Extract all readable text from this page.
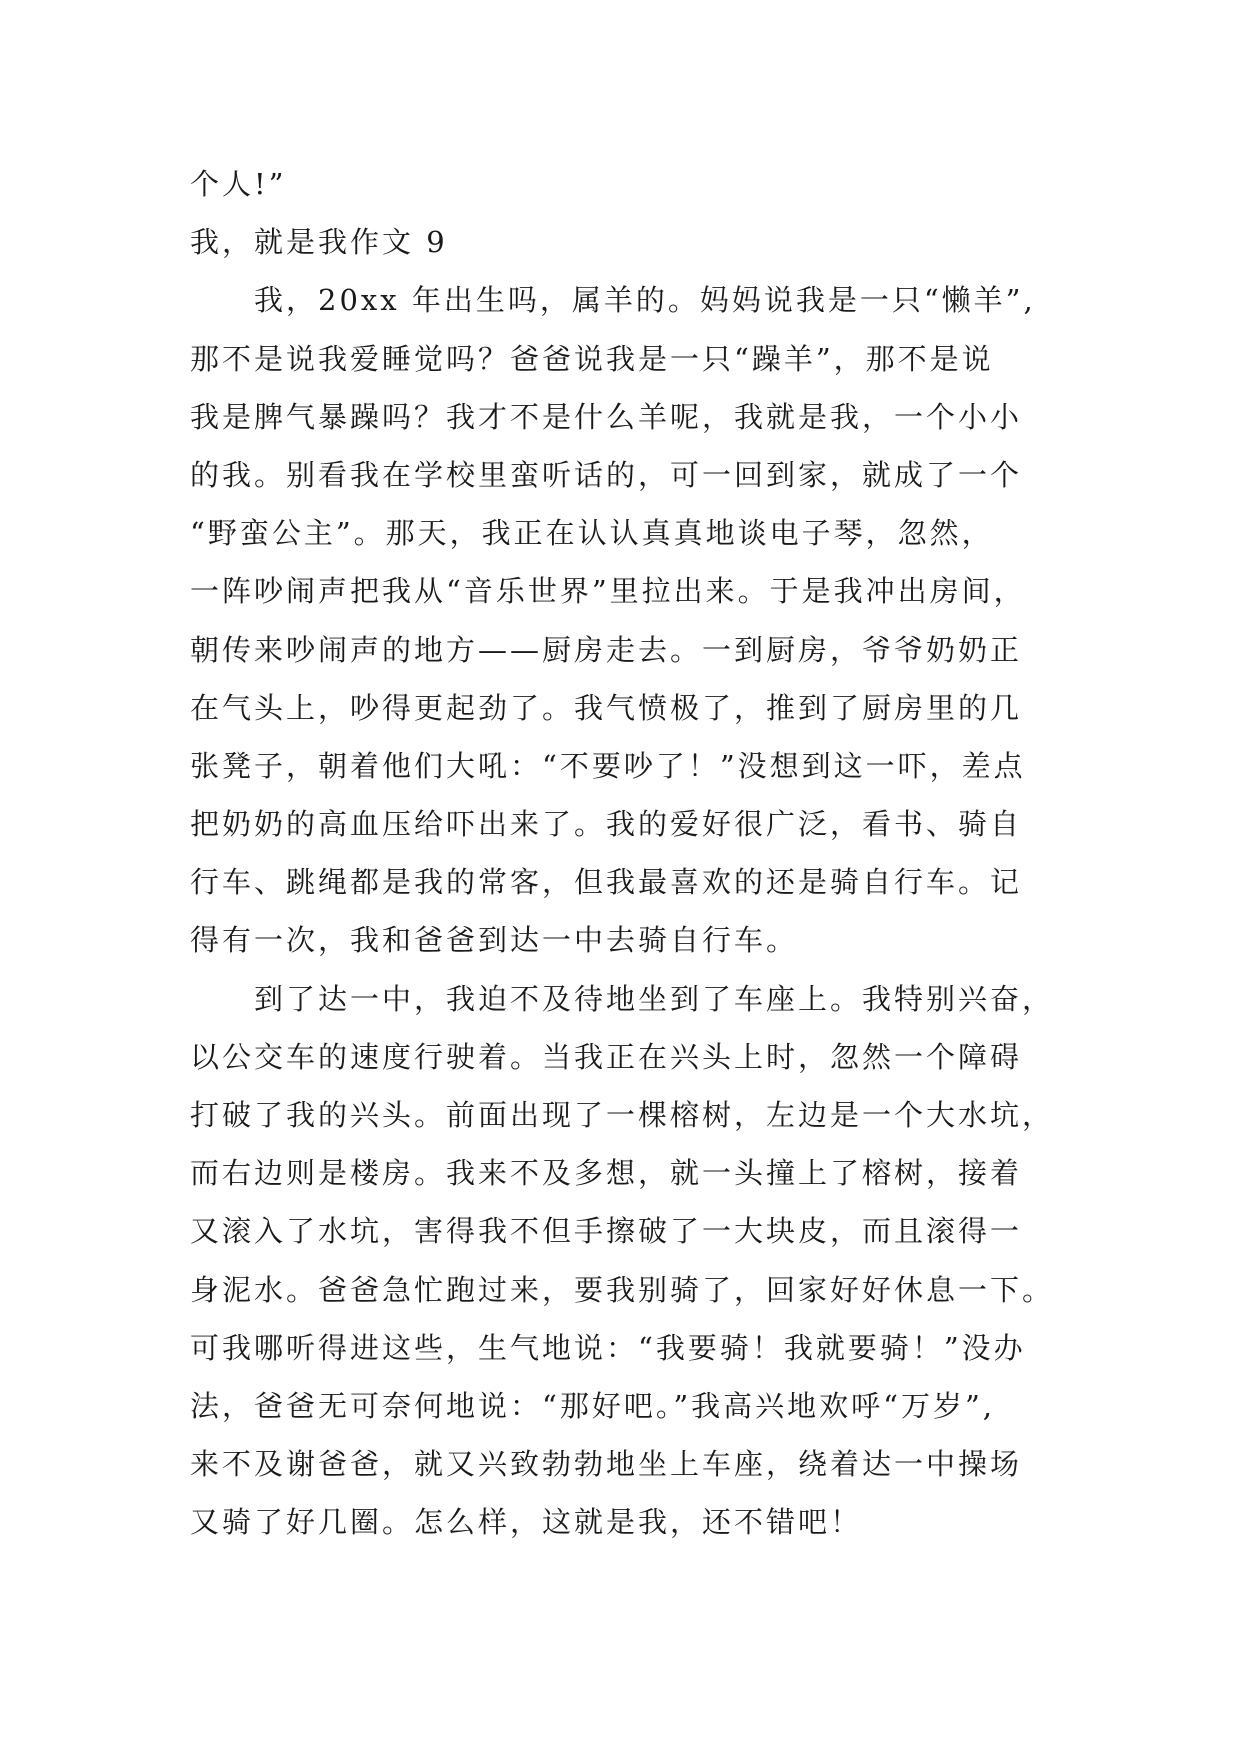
个人!”
我，就是我作文 9
我，20xx 年出生吗，属羊的。妈妈说我是一只“懒羊”,
那不是说我爱睡觉吗？爸爸说我是一只“躁羊”，那不是说
我是脾气暴躁吗？我才不是什么羊呢，我就是我，一个小小
的我。别看我在学校里蛮听话的，可一回到家，就成了一个
“野蛮公主”。那天，我正在认认真真地谈电子琴，忽然，
一阵吵闹声把我从“音乐世界”里拉出来。于是我冲出房间，
朝传来吵闹声的地方——厨房走去。一到厨房，爷爷奶奶正
在气头上，吵得更起劲了。我气愤极了，推到了厨房里的几
张凳子，朝着他们大吼：“不要吵了！”没想到这一吓，差点
把奶奶的高血压给吓出来了。我的爱好很广泛，看书、骑自
行车、跳绳都是我的常客，但我最喜欢的还是骑自行车。记
得有一次，我和爸爸到达一中去骑自行车。
到了达一中，我迫不及待地坐到了车座上。我特别兴奋，
以公交车的速度行驶着。当我正在兴头上时，忽然一个障碍
打破了我的兴头。前面出现了一棵榕树，左边是一个大水坑，
而右边则是楼房。我来不及多想，就一头撞上了榕树，接着
又滚入了水坑，害得我不但手擦破了一大块皮，而且滚得一
身泥水。爸爸急忙跑过来，要我别骑了，回家好好休息一下。
可我哪听得进这些，生气地说：“我要骑！我就要骑！”没办
法，爸爸无可奈何地说：“那好吧。”我高兴地欢呼“万岁”,
来不及谢爸爸，就又兴致勃勃地坐上车座，绕着达一中操场
又骑了好几圈。怎么样，这就是我，还不错吧！
